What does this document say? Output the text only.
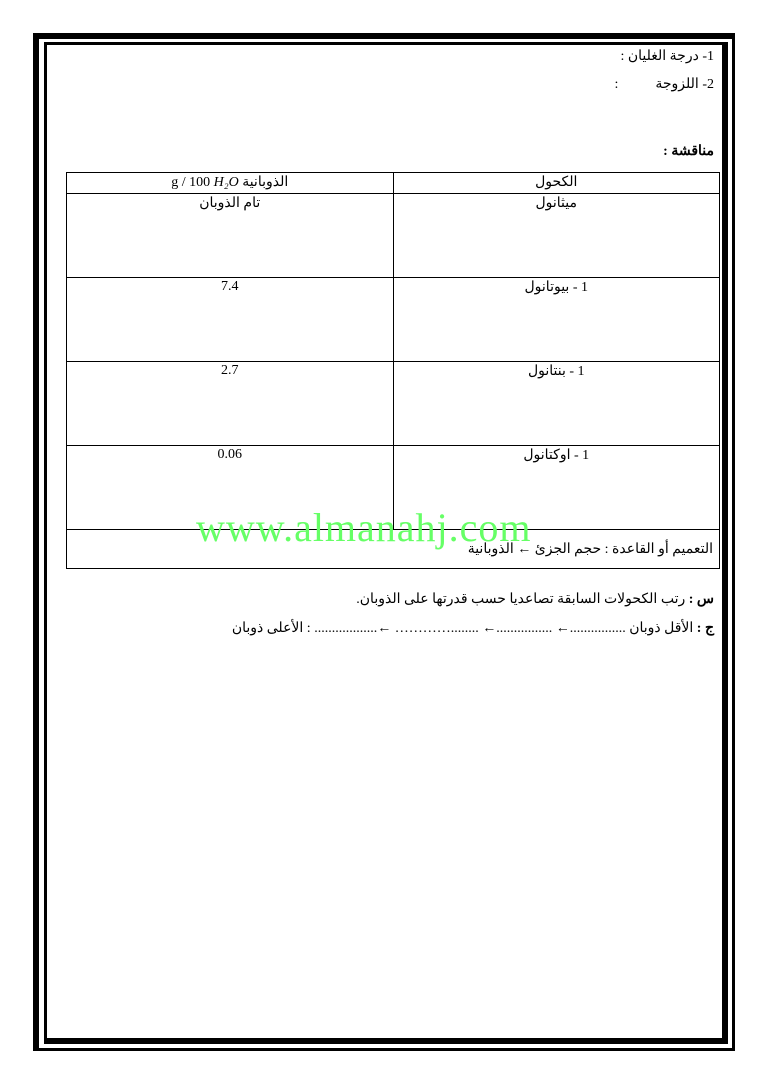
1- درجة الغليان :
2- اللزوجة  :
مناقشة :
الكحول	الذوبانية H₂O g / 100
ميثانول	تام الذوبان
1 - بيوتانول	7.4
1 - بنتانول	2.7
1 - اوكتانول	0.06
التعميم أو القاعدة : حجم الجزئ ← الذوبانية	
www.almanahj.com
س : رتب الكحولات السابقة تصاعديا حسب قدرتها على الذوبان.
ج : الأقل ذوبان ................← ................← ........………… ←.................. : الأعلى ذوبان
